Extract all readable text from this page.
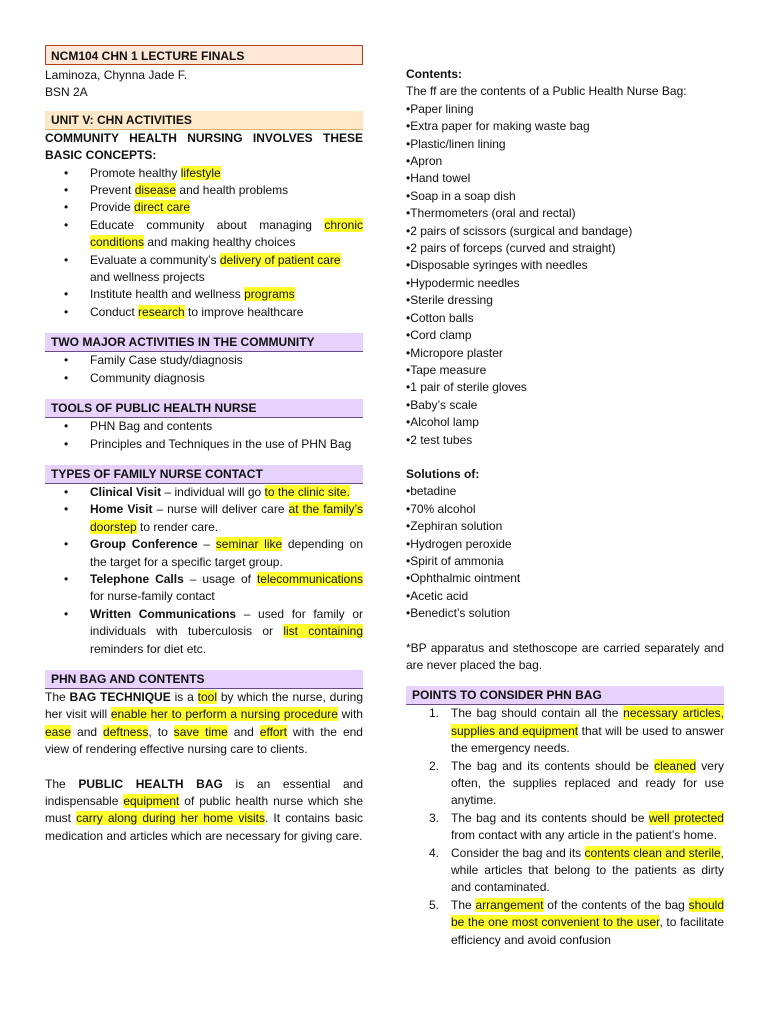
NCM104 CHN 1 LECTURE FINALS
Laminoza, Chynna Jade F.
BSN 2A
UNIT V: CHN ACTIVITIES
COMMUNITY HEALTH NURSING INVOLVES THESE BASIC CONCEPTS:
• Promote healthy lifestyle
• Prevent disease and health problems
• Provide direct care
• Educate community about managing chronic conditions and making healthy choices
• Evaluate a community’s delivery of patient care and wellness projects
• Institute health and wellness programs
• Conduct research to improve healthcare
TWO MAJOR ACTIVITIES IN THE COMMUNITY
• Family Case study/diagnosis
• Community diagnosis
TOOLS OF PUBLIC HEALTH NURSE
• PHN Bag and contents
• Principles and Techniques in the use of PHN Bag
TYPES OF FAMILY NURSE CONTACT
• Clinical Visit – individual will go to the clinic site.
• Home Visit – nurse will deliver care at the family’s doorstep to render care.
• Group Conference – seminar like depending on the target for a specific target group.
• Telephone Calls – usage of telecommunications for nurse-family contact
• Written Communications – used for family or individuals with tuberculosis or list containing reminders for diet etc.
PHN BAG AND CONTENTS

The BAG TECHNIQUE is a tool by which the nurse, during her visit will enable her to perform a nursing procedure with ease and deftness, to save time and effort with the end view of rendering effective nursing care to clients.

The PUBLIC HEALTH BAG is an essential and indispensable equipment of public health nurse which she must carry along during her home visits. It contains basic medication and articles which are necessary for giving care.

Contents:
The ff are the contents of a Public Health Nurse Bag:
•Paper lining
•Extra paper for making waste bag
•Plastic/linen lining
•Apron
•Hand towel
•Soap in a soap dish
•Thermometers (oral and rectal)
•2 pairs of scissors (surgical and bandage)
•2 pairs of forceps (curved and straight)
•Disposable syringes with needles
•Hypodermic needles
•Sterile dressing
•Cotton balls
•Cord clamp
•Micropore plaster
•Tape measure
•1 pair of sterile gloves
•Baby’s scale
•Alcohol lamp
•2 test tubes
Solutions of:
•betadine
•70% alcohol
•Zephiran solution
•Hydrogen peroxide
•Spirit of ammonia
•Ophthalmic ointment
•Acetic acid
•Benedict’s solution

*BP apparatus and stethoscope are carried separately and are never placed the bag.

POINTS TO CONSIDER PHN BAG
1. The bag should contain all the necessary articles, supplies and equipment that will be used to answer the emergency needs.
2. The bag and its contents should be cleaned very often, the supplies replaced and ready for use anytime.
3. The bag and its contents should be well protected from contact with any article in the patient’s home.
4. Consider the bag and its contents clean and sterile, while articles that belong to the patients as dirty and contaminated.
5. The arrangement of the contents of the bag should be the one most convenient to the user, to facilitate efficiency and avoid confusion
